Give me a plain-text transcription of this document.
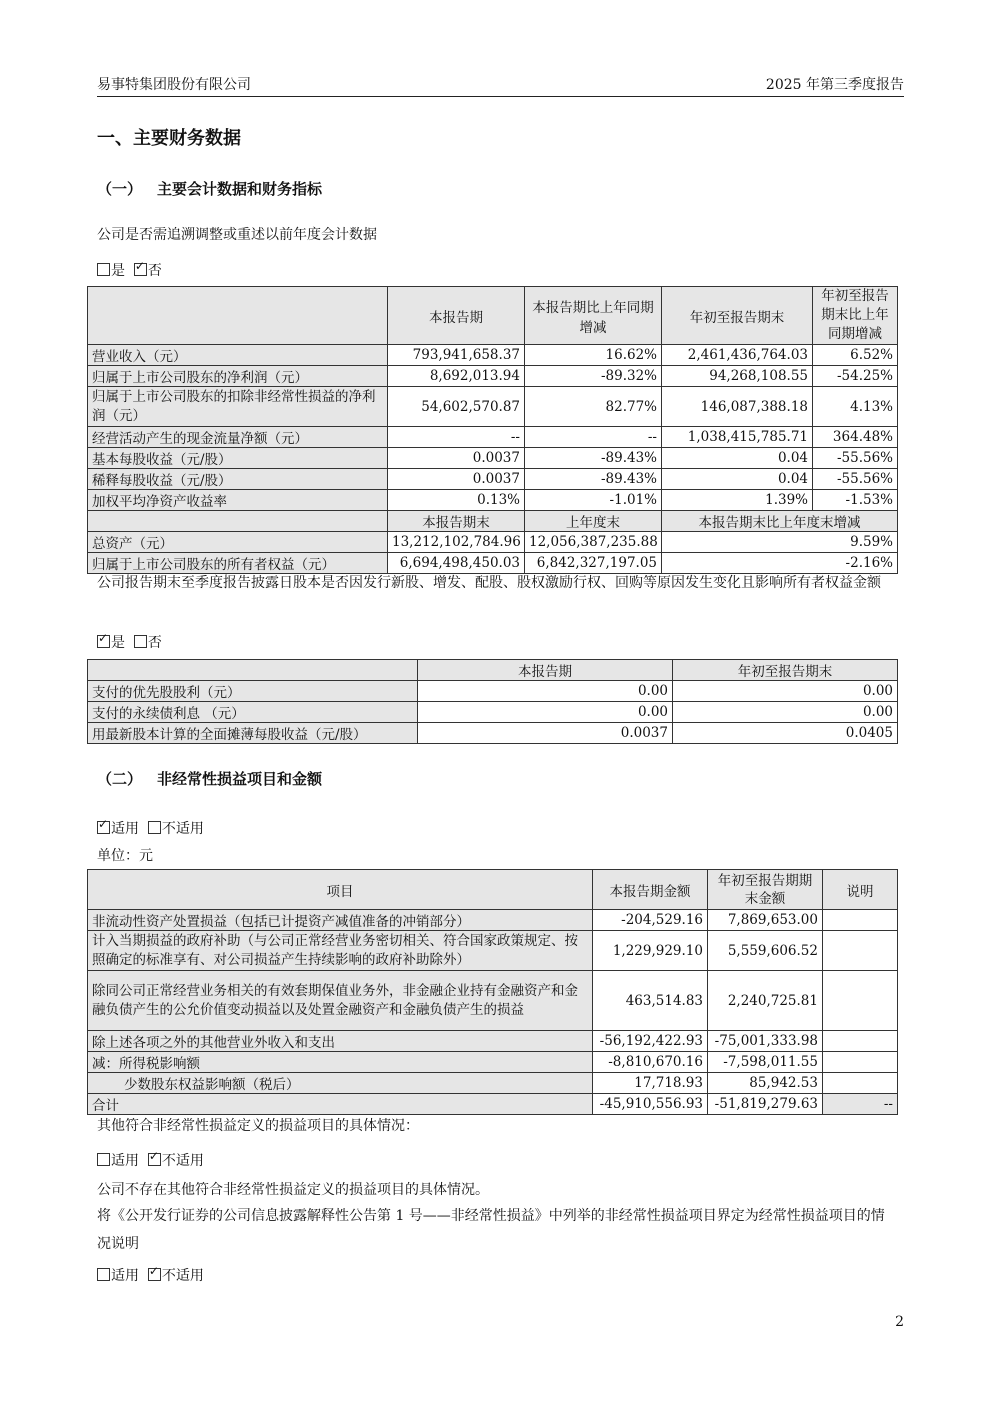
易事特集团股份有限公司	2025 年第三季度报告
一、主要财务数据
（一） 主要会计数据和财务指标
公司是否需追溯调整或重述以前年度会计数据
是 ✓ 否
	本报告期	本报告期比上年同期增减	年初至报告期末	年初至报告期末比上年同期增减
营业收入（元）	793,941,658.37	16.62%	2,461,436,764.03	6.52%
归属于上市公司股东的净利润（元）	8,692,013.94	-89.32%	94,268,108.55	-54.25%
归属于上市公司股东的扣除非经常性损益的净利润（元）	54,602,570.87	82.77%	146,087,388.18	4.13%
经营活动产生的现金流量净额（元）	--	--	1,038,415,785.71	364.48%
基本每股收益（元/股）	0.0037	-89.43%	0.04	-55.56%
稀释每股收益（元/股）	0.0037	-89.43%	0.04	-55.56%
加权平均净资产收益率	0.13%	-1.01%	1.39%	-1.53%
	本报告期末	上年度末	本报告期末比上年度末增减	
总资产（元）	13,212,102,784.96	12,056,387,235.88	9.59%	
归属于上市公司股东的所有者权益（元）	6,694,498,450.03	6,842,327,197.05	-2.16%	
公司报告期末至季度报告披露日股本是否因发行新股、增发、配股、股权激励行权、回购等原因发生变化且影响所有者权益金额
✓是 否
	本报告期	年初至报告期末
支付的优先股股利（元）	0.00	0.00
支付的永续债利息 （元）	0.00	0.00
用最新股本计算的全面摊薄每股收益（元/股）	0.0037	0.0405
（二） 非经常性损益项目和金额
✓适用 不适用
单位：元
项目	本报告期金额	年初至报告期期末金额	说明
非流动性资产处置损益（包括已计提资产减值准备的冲销部分）	-204,529.16	7,869,653.00	
计入当期损益的政府补助（与公司正常经营业务密切相关、符合国家政策规定、按照确定的标准享有、对公司损益产生持续影响的政府补助除外）	1,229,929.10	5,559,606.52	
除同公司正常经营业务相关的有效套期保值业务外，非金融企业持有金融资产和金融负债产生的公允价值变动损益以及处置金融资产和金融负债产生的损益	463,514.83	2,240,725.81	
除上述各项之外的其他营业外收入和支出	-56,192,422.93	-75,001,333.98	
减：所得税影响额	-8,810,670.16	-7,598,011.55	
少数股东权益影响额（税后）	17,718.93	85,942.53	
合计	-45,910,556.93	-51,819,279.63	--
其他符合非经常性损益定义的损益项目的具体情况：
适用 ✓ 不适用
公司不存在其他符合非经常性损益定义的损益项目的具体情况。
将《公开发行证券的公司信息披露解释性公告第 1 号——非经常性损益》中列举的非经常性损益项目界定为经常性损益项目的情况说明
适用 ✓ 不适用
2
